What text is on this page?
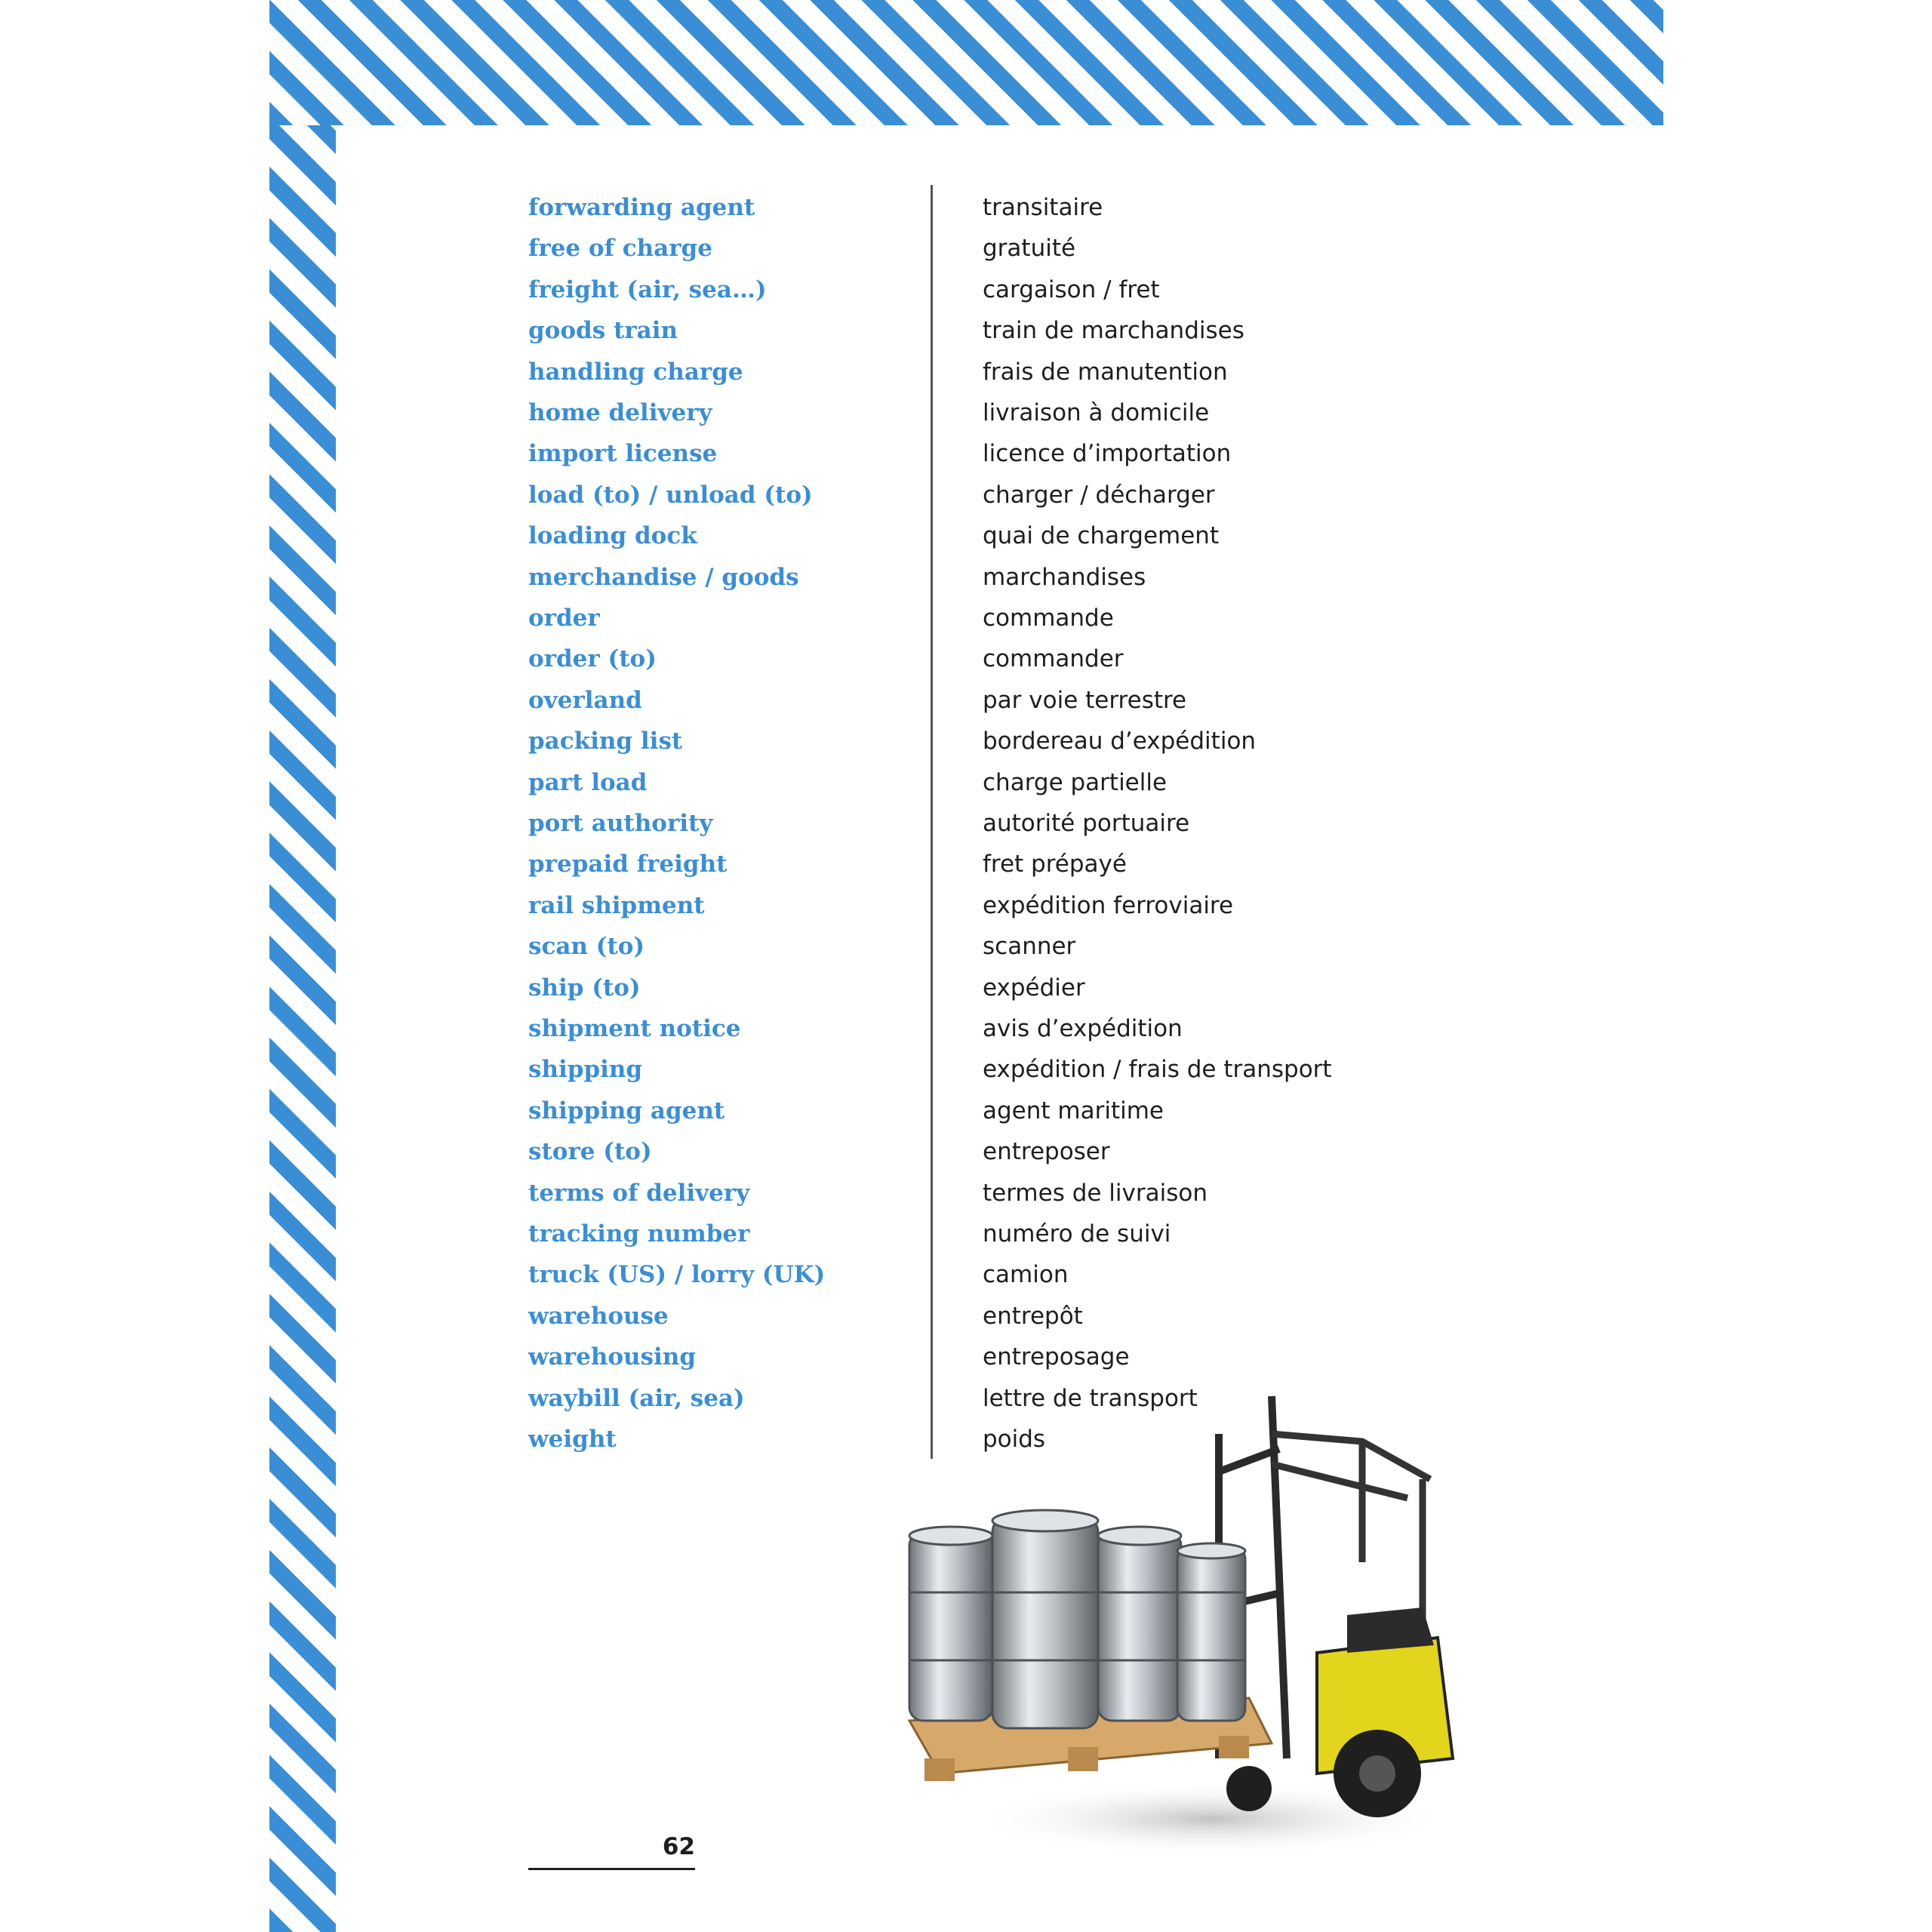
forwarding agent	transitaire
free of charge	gratuité
freight (air, sea…)	cargaison / fret
goods train	train de marchandises
handling charge	frais de manutention
home delivery	livraison à domicile
import license	licence d’importation
load (to) / unload (to)	charger / décharger
loading dock	quai de chargement
merchandise / goods	marchandises
order	commande
order (to)	commander
overland	par voie terrestre
packing list	bordereau d’expédition
part load	charge partielle
port authority	autorité portuaire
prepaid freight	fret prépayé
rail shipment	expédition ferroviaire
scan (to)	scanner
ship (to)	expédier
shipment notice	avis d’expédition
shipping	expédition / frais de transport
shipping agent	agent maritime
store (to)	entreposer
terms of delivery	termes de livraison
tracking number	numéro de suivi
truck (US) / lorry (UK)	camion
warehouse	entrepôt
warehousing	entreposage
waybill (air, sea)	lettre de transport
weight	poids
62
